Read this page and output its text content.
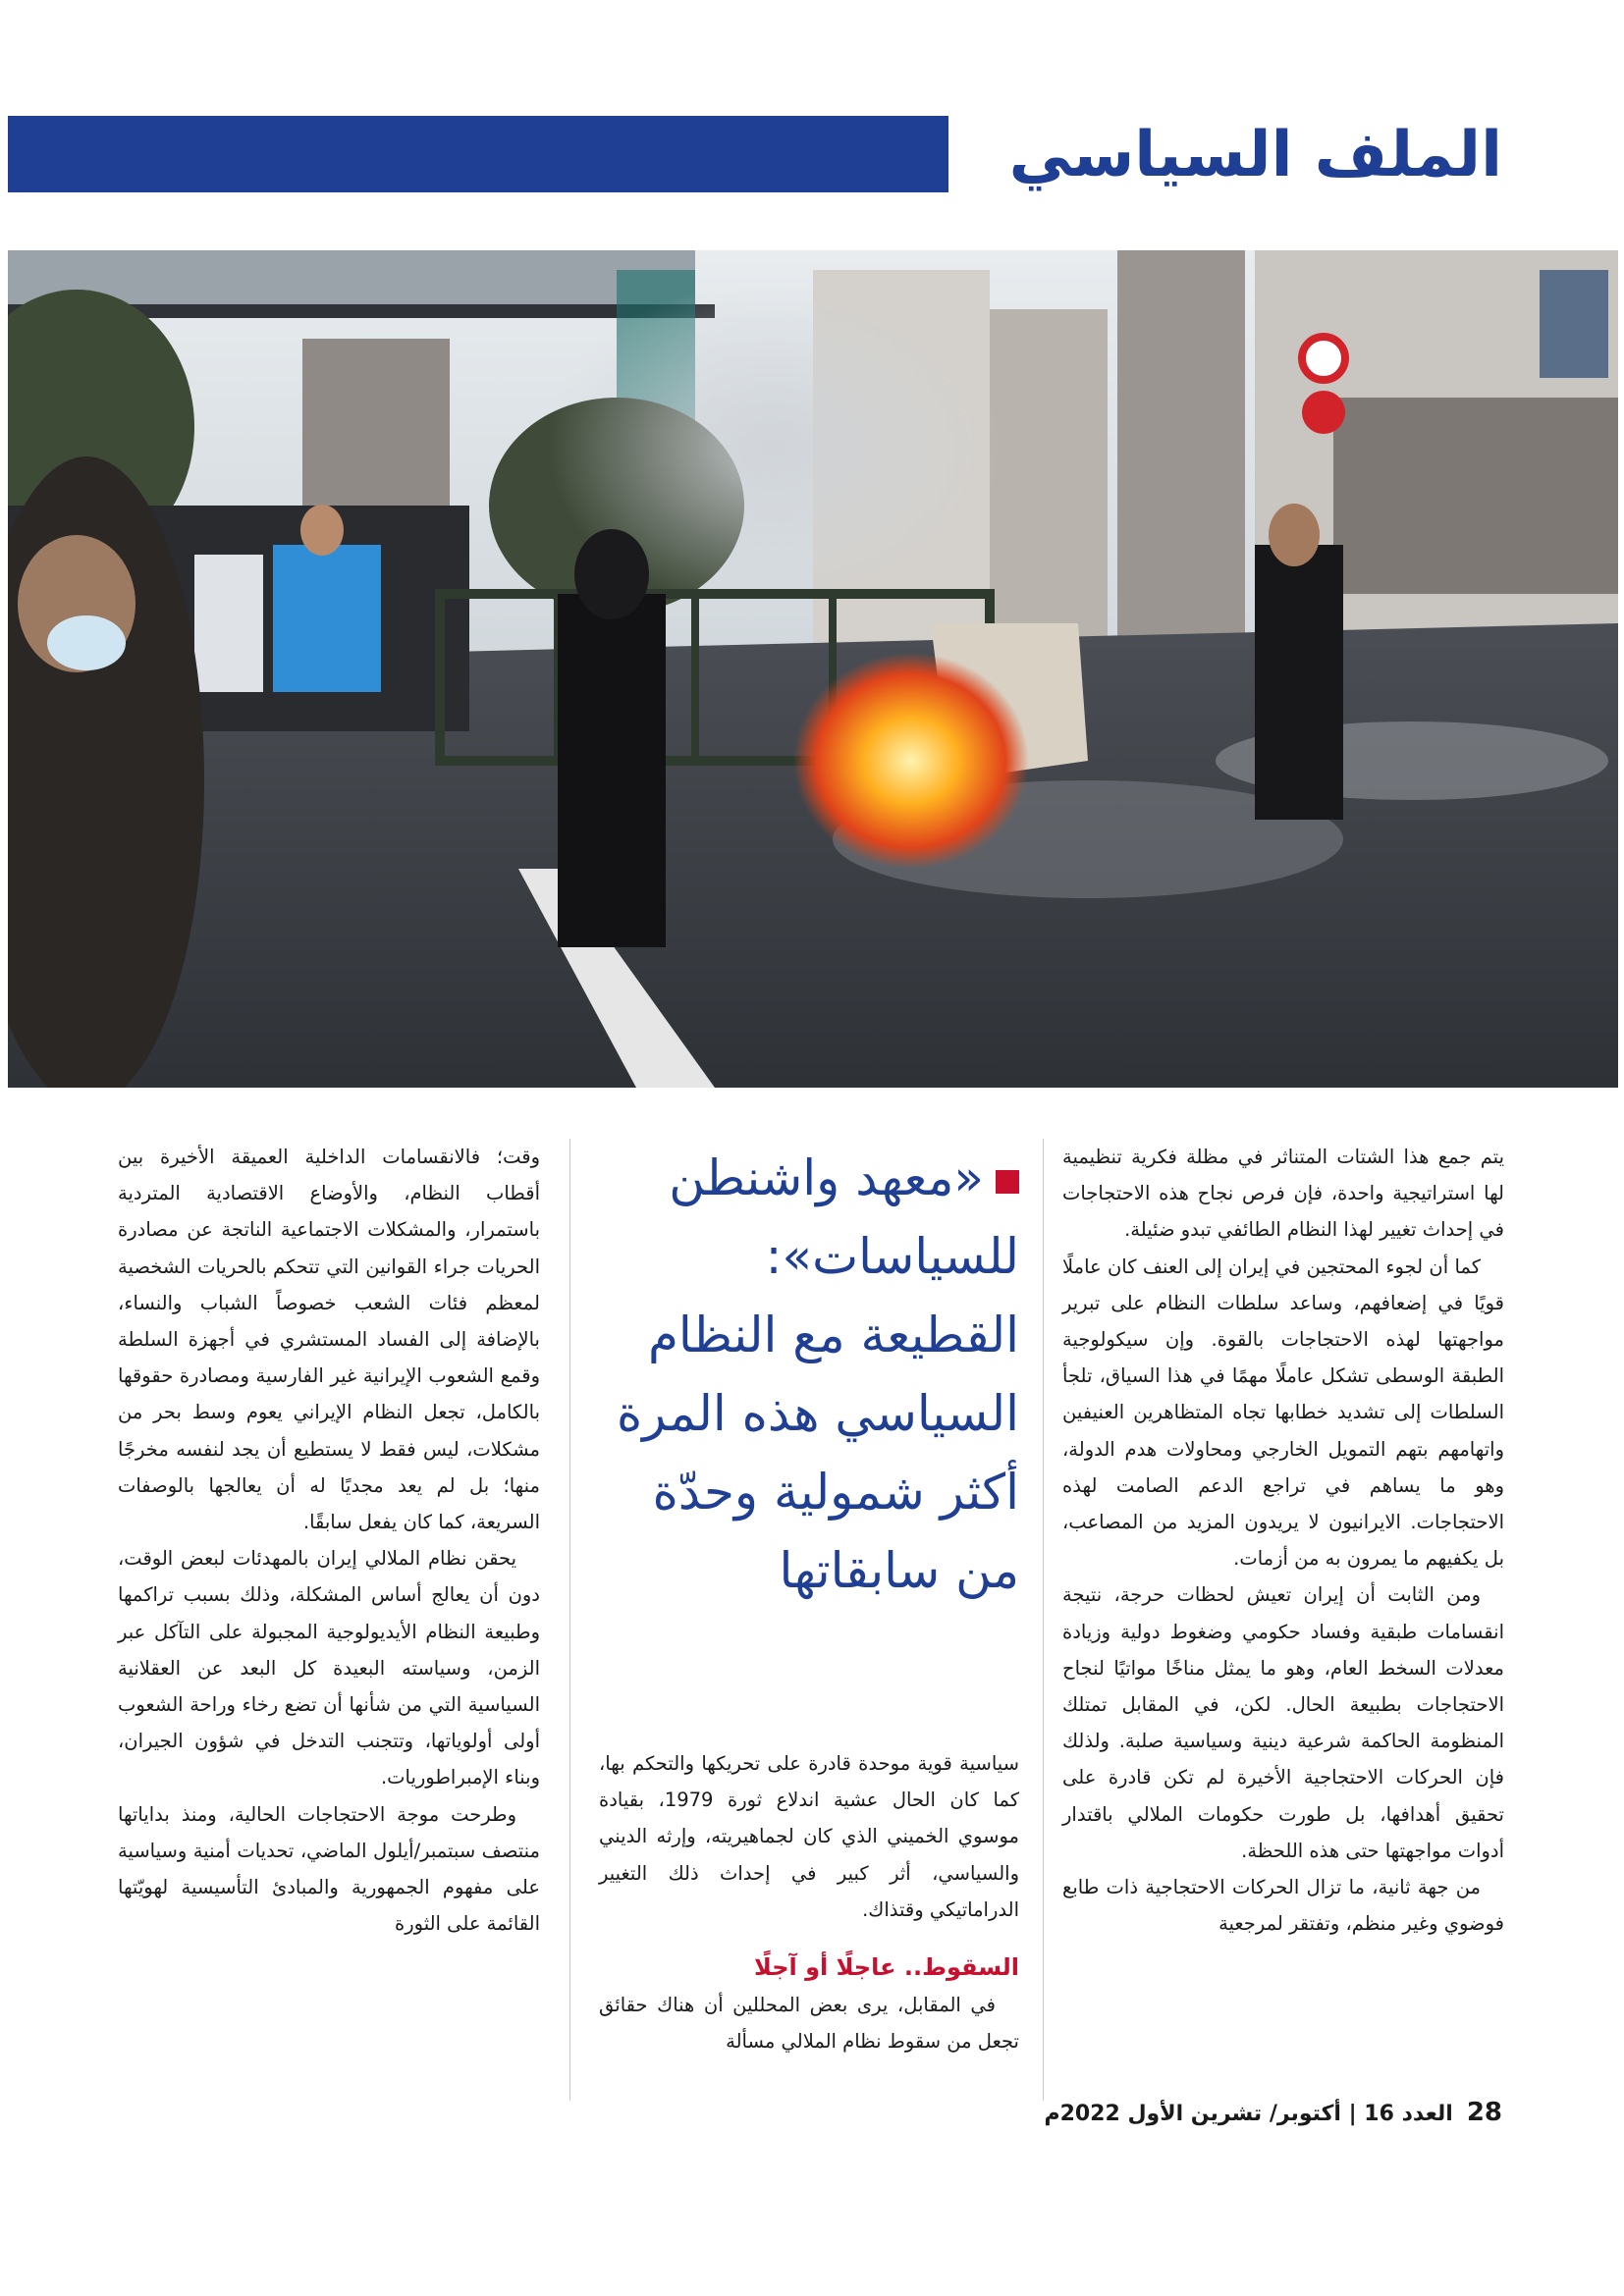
الملف السياسي

يتم جمع هذا الشتات المتناثر في مظلة فكرية تنظيمية لها استراتيجية واحدة، فإن فرص نجاح هذه الاحتجاجات في إحداث تغيير لهذا النظام الطائفي تبدو ضئيلة.

كما أن لجوء المحتجين في إيران إلى العنف كان عاملًا قويًا في إضعافهم، وساعد سلطات النظام على تبرير مواجهتها لهذه الاحتجاجات بالقوة. وإن سيكولوجية الطبقة الوسطى تشكل عاملًا مهمًا في هذا السياق، تلجأ السلطات إلى تشديد خطابها تجاه المتظاهرين العنيفين واتهامهم بتهم التمويل الخارجي ومحاولات هدم الدولة، وهو ما يساهم في تراجع الدعم الصامت لهذه الاحتجاجات. الايرانيون لا يريدون المزيد من المصاعب، بل يكفيهم ما يمرون به من أزمات.

ومن الثابت أن إيران تعيش لحظات حرجة، نتيجة انقسامات طبقية وفساد حكومي وضغوط دولية وزيادة معدلات السخط العام، وهو ما يمثل مناخًا مواتيًا لنجاح الاحتجاجات بطبيعة الحال. لكن، في المقابل تمتلك المنظومة الحاكمة شرعية دينية وسياسية صلبة. ولذلك فإن الحركات الاحتجاجية الأخيرة لم تكن قادرة على تحقيق أهدافها، بل طورت حكومات الملالي باقتدار أدوات مواجهتها حتى هذه اللحظة.

من جهة ثانية، ما تزال الحركات الاحتجاجية ذات طابع فوضوي وغير منظم، وتفتقر لمرجعية

«معهد واشنطن للسياسات»: القطيعة مع النظام السياسي هذه المرة أكثر شمولية وحدّة من سابقاتها

سياسية قوية موحدة قادرة على تحريكها والتحكم بها، كما كان الحال عشية اندلاع ثورة 1979، بقيادة موسوي الخميني الذي كان لجماهيريته، وإرثه الديني والسياسي، أثر كبير في إحداث ذلك التغيير الدراماتيكي وقتذاك.

السقوط.. عاجلًا أو آجلًا

في المقابل، يرى بعض المحللين أن هناك حقائق تجعل من سقوط نظام الملالي مسألة

وقت؛ فالانقسامات الداخلية العميقة الأخيرة بين أقطاب النظام، والأوضاع الاقتصادية المتردية باستمرار، والمشكلات الاجتماعية الناتجة عن مصادرة الحريات جراء القوانين التي تتحكم بالحريات الشخصية لمعظم فئات الشعب خصوصاً الشباب والنساء، بالإضافة إلى الفساد المستشري في أجهزة السلطة وقمع الشعوب الإيرانية غير الفارسية ومصادرة حقوقها بالكامل، تجعل النظام الإيراني يعوم وسط بحر من مشكلات، ليس فقط لا يستطيع أن يجد لنفسه مخرجًا منها؛ بل لم يعد مجديًا له أن يعالجها بالوصفات السريعة، كما كان يفعل سابقًا.

يحقن نظام الملالي إيران بالمهدئات لبعض الوقت، دون أن يعالج أساس المشكلة، وذلك بسبب تراكمها وطبيعة النظام الأيديولوجية المجبولة على التآكل عبر الزمن، وسياسته البعيدة كل البعد عن العقلانية السياسية التي من شأنها أن تضع رخاء وراحة الشعوب أولى أولوياتها، وتتجنب التدخل في شؤون الجيران، وبناء الإمبراطوريات.

وطرحت موجة الاحتجاجات الحالية، ومنذ بداياتها منتصف سبتمبر/أيلول الماضي، تحديات أمنية وسياسية على مفهوم الجمهورية والمبادئ التأسيسية لهويّتها القائمة على الثورة

28العدد 16 | أكتوبر/ تشرين الأول 2022م
